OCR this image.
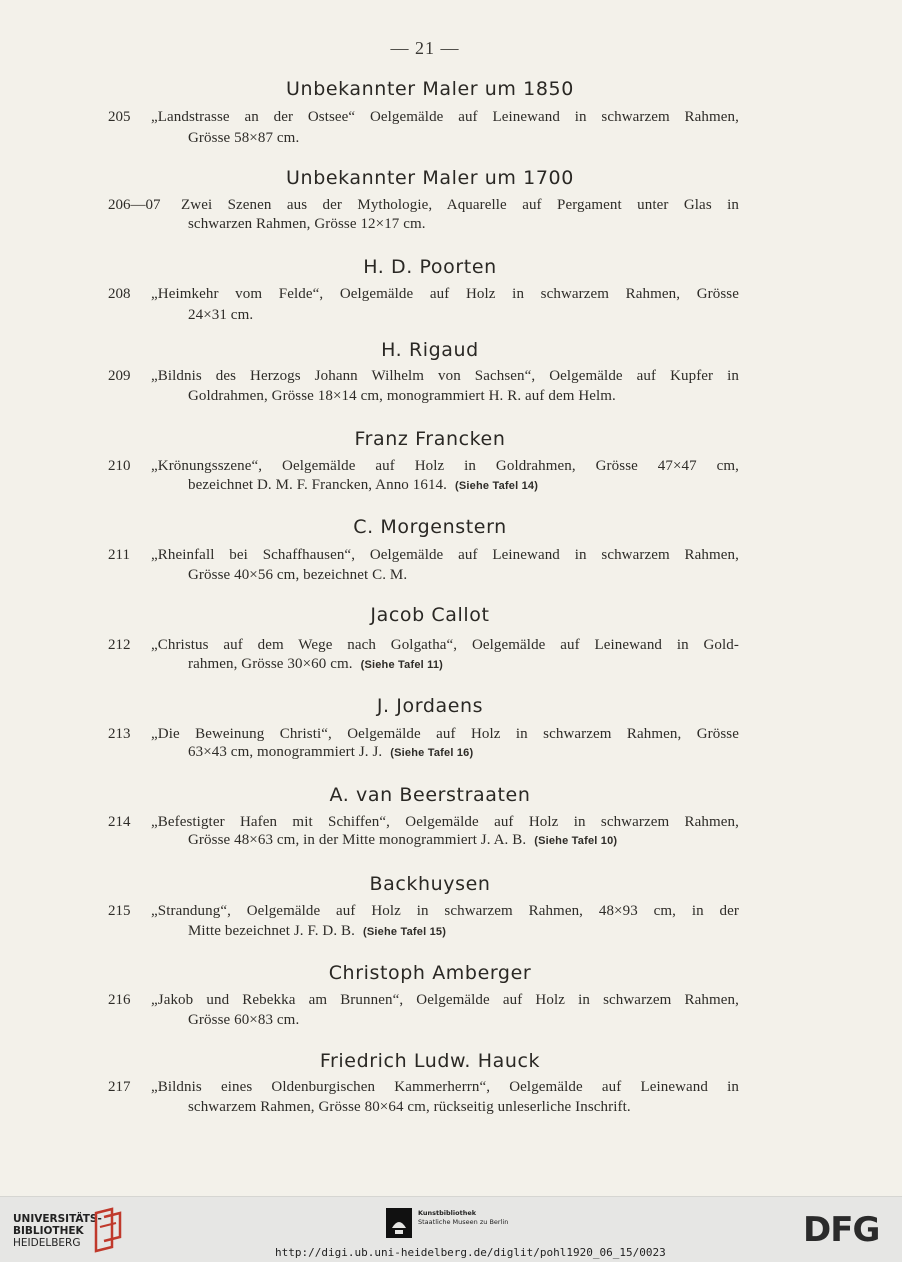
— 21 —
Unbekannter Maler um 1850
205 „Landstrasse an der Ostsee“ Oelgemälde auf Leinewand in schwarzem Rahmen,
Grösse 58×87 cm.
Unbekannter Maler um 1700
206—07 Zwei Szenen aus der Mythologie, Aquarelle auf Pergament unter Glas in
schwarzen Rahmen, Grösse 12×17 cm.
H. D. Poorten
208 „Heimkehr vom Felde“, Oelgemälde auf Holz in schwarzem Rahmen, Grösse
24×31 cm.
H. Rigaud
209 „Bildnis des Herzogs Johann Wilhelm von Sachsen“, Oelgemälde auf Kupfer in
Goldrahmen, Grösse 18×14 cm, monogrammiert H. R. auf dem Helm.
Franz Francken
210 „Krönungsszene“, Oelgemälde auf Holz in Goldrahmen, Grösse 47×47 cm,
bezeichnet D. M. F. Francken, Anno 1614. (Siehe Tafel 14)
C. Morgenstern
211 „Rheinfall bei Schaffhausen“, Oelgemälde auf Leinewand in schwarzem Rahmen,
Grösse 40×56 cm, bezeichnet C. M.
Jacob Callot
212 „Christus auf dem Wege nach Golgatha“, Oelgemälde auf Leinewand in Gold-
rahmen, Grösse 30×60 cm. (Siehe Tafel 11)
J. Jordaens
213 „Die Beweinung Christi“, Oelgemälde auf Holz in schwarzem Rahmen, Grösse
63×43 cm, monogrammiert J. J. (Siehe Tafel 16)
A. van Beerstraaten
214 „Befestigter Hafen mit Schiffen“, Oelgemälde auf Holz in schwarzem Rahmen,
Grösse 48×63 cm, in der Mitte monogrammiert J. A. B. (Siehe Tafel 10)
Backhuysen
215 „Strandung“, Oelgemälde auf Holz in schwarzem Rahmen, 48×93 cm, in der
Mitte bezeichnet J. F. D. B. (Siehe Tafel 15)
Christoph Amberger
216 „Jakob und Rebekka am Brunnen“, Oelgemälde auf Holz in schwarzem Rahmen,
Grösse 60×83 cm.
Friedrich Ludw. Hauck
217 „Bildnis eines Oldenburgischen Kammerherrn“, Oelgemälde auf Leinewand in
schwarzem Rahmen, Grösse 80×64 cm, rückseitig unleserliche Inschrift.
UNIVERSITÄTS-
BIBLIOTHEK
HEIDELBERG
Kunstbibliothek
Staatliche Museen zu Berlin	DFG
http://digi.ub.uni-heidelberg.de/diglit/pohl1920_06_15/0023
